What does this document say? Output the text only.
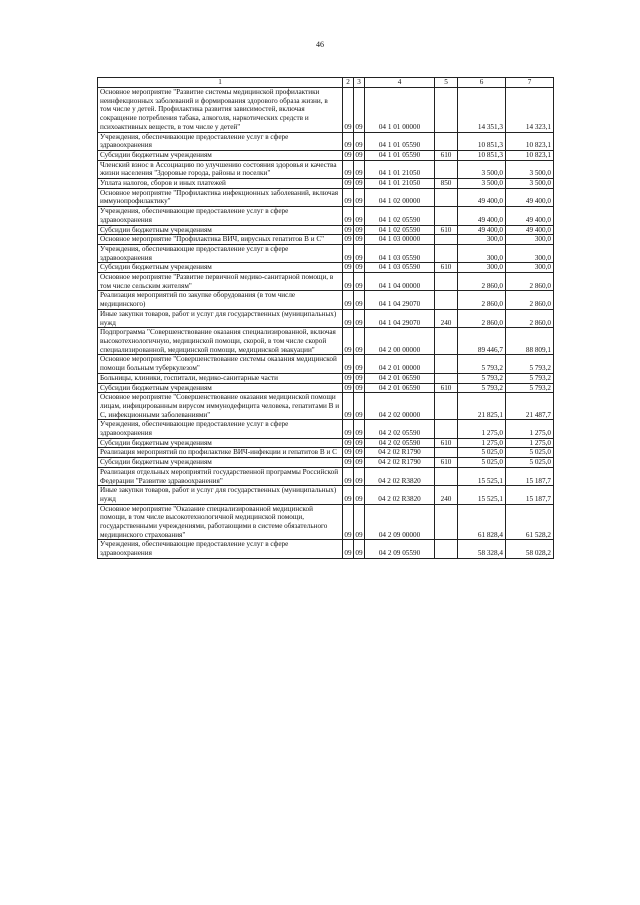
46
1	2	3	4	5	6	7
Основное мероприятие "Развитие системы медицинской профилактики неинфекционных заболеваний и формирования здорового образа жизни, в том числе у детей. Профилактика развития зависимостей, включая сокращение потребления табака, алкоголя, наркотических средств и психоактивных веществ, в том числе у детей"	09	09	04 1 01 00000		14 351,3	14 323,1
Учреждения, обеспечивающие предоставление услуг в сфере здравоохранения	09	09	04 1 01 05590		10 851,3	10 823,1
Субсидии бюджетным учреждениям	09	09	04 1 01 05590	610	10 851,3	10 823,1
Членский взнос в Ассоциацию по улучшению состояния здоровья и качества жизни населения "Здоровые города, районы и поселки"	09	09	04 1 01 21050		3 500,0	3 500,0
Уплата налогов, сборов и иных платежей	09	09	04 1 01 21050	850	3 500,0	3 500,0
Основное мероприятие "Профилактика инфекционных заболеваний, включая иммунопрофилактику"	09	09	04 1 02 00000		49 400,0	49 400,0
Учреждения, обеспечивающие предоставление услуг в сфере здравоохранения	09	09	04 1 02 05590		49 400,0	49 400,0
Субсидии бюджетным учреждениям	09	09	04 1 02 05590	610	49 400,0	49 400,0
Основное мероприятие "Профилактика ВИЧ, вирусных гепатитов В и С"	09	09	04 1 03 00000		300,0	300,0
Учреждения, обеспечивающие предоставление услуг в сфере здравоохранения	09	09	04 1 03 05590		300,0	300,0
Субсидии бюджетным учреждениям	09	09	04 1 03 05590	610	300,0	300,0
Основное мероприятие "Развитие первичной медико-санитарной помощи, в том числе сельским жителям"	09	09	04 1 04 00000		2 860,0	2 860,0
Реализация мероприятий по закупке оборудования (в том числе медицинского)	09	09	04 1 04 29070		2 860,0	2 860,0
Иные закупки товаров, работ и услуг для государственных (муниципальных) нужд	09	09	04 1 04 29070	240	2 860,0	2 860,0
Подпрограмма "Совершенствование оказания специализированной, включая высокотехнологичную, медицинской помощи, скорой, в том числе скорой специализированной, медицинской помощи, медицинской эвакуации"	09	09	04 2 00 00000		89 446,7	88 809,1
Основное мероприятие "Совершенствование системы оказания медицинской помощи больным туберкулезом"	09	09	04 2 01 00000		5 793,2	5 793,2
Больницы, клиники, госпитали, медико-санитарные части	09	09	04 2 01 06590		5 793,2	5 793,2
Субсидии бюджетным учреждениям	09	09	04 2 01 06590	610	5 793,2	5 793,2
Основное мероприятие "Совершенствование оказания медицинской помощи лицам, инфицированным вирусом иммунодефицита человека, гепатитами В и С, инфекционными заболеваниями"	09	09	04 2 02 00000		21 825,1	21 487,7
Учреждения, обеспечивающие предоставление услуг в сфере здравоохранения	09	09	04 2 02 05590		1 275,0	1 275,0
Субсидии бюджетным учреждениям	09	09	04 2 02 05590	610	1 275,0	1 275,0
Реализация мероприятий по профилактике ВИЧ-инфекции и гепатитов В и С	09	09	04 2 02 R1790		5 025,0	5 025,0
Субсидии бюджетным учреждениям	09	09	04 2 02 R1790	610	5 025,0	5 025,0
Реализация отдельных мероприятий государственной программы Российской Федерации "Развитие здравоохранения"	09	09	04 2 02 R3820		15 525,1	15 187,7
Иные закупки товаров, работ и услуг для государственных (муниципальных) нужд	09	09	04 2 02 R3820	240	15 525,1	15 187,7
Основное мероприятие "Оказание специализированной медицинской помощи, в том числе высокотехнологичной медицинской помощи, государственными учреждениями, работающими в системе обязательного медицинского страхования"	09	09	04 2 09 00000		61 828,4	61 528,2
Учреждения, обеспечивающие предоставление услуг в сфере здравоохранения	09	09	04 2 09 05590		58 328,4	58 028,2
